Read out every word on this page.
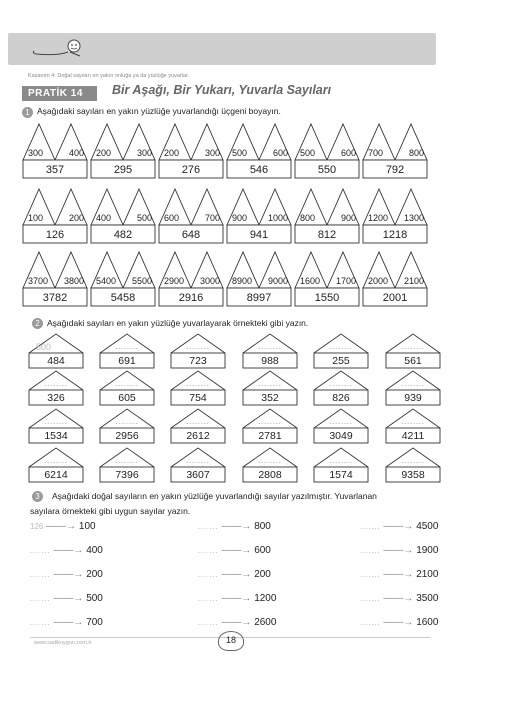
Kazanım 4: Doğal sayıları en yakın onluğa ya da yüzlüğe yuvarlar.
PRATİK 14	Bir Aşağı, Bir Yukarı, Yuvarla Sayıları
1 Aşağıdaki sayıları en yakın yüzlüğe yuvarlandığı üçgeni boyayın.
300	400
357
200	300
295
200	300
276
500	600
546
500	600
550
700	800
792
100	200
126
400	500
482
600	700
648
900 1000
941
800	900
812
1200 1300
1218
3700 3800
3782
5400 5500
5458
2900 3000
2916
8900 9000
8997
1600 1700
1550
2000 2100
2001
2 Aşağıdaki sayıları en yakın yüzlüğe yuvarlayarak örnekteki gibi yazın.
500
484
........
691
........
723
........
988
........
255
........
561
........
326
........
605
........
754
........
352
........
826
........
939
........
1534
........
2956
........
2612
........
2781
........
3049
........
4211
........
6214
........
7396
........
3607
........
2808
........
1574
........
9358
3	Aşağıdaki doğal sayıların en yakın yüzlüğe yuvarlandığı sayılar yazılmıştır. Yuvarlanan
sayılara örnekteki gibi uygun sayılar yazın.
126 ——→ 100
....... ——→ 400
....... ——→ 200
....... ——→ 500
....... ——→ 700
....... ——→ 800
....... ——→ 600
....... ——→ 200
....... ——→ 1200
....... ——→ 2600
....... ——→ 4500
....... ——→ 1900
....... ——→ 2100
....... ——→ 3500
....... ——→ 1600
www.sadikuygun.com.tr	18
